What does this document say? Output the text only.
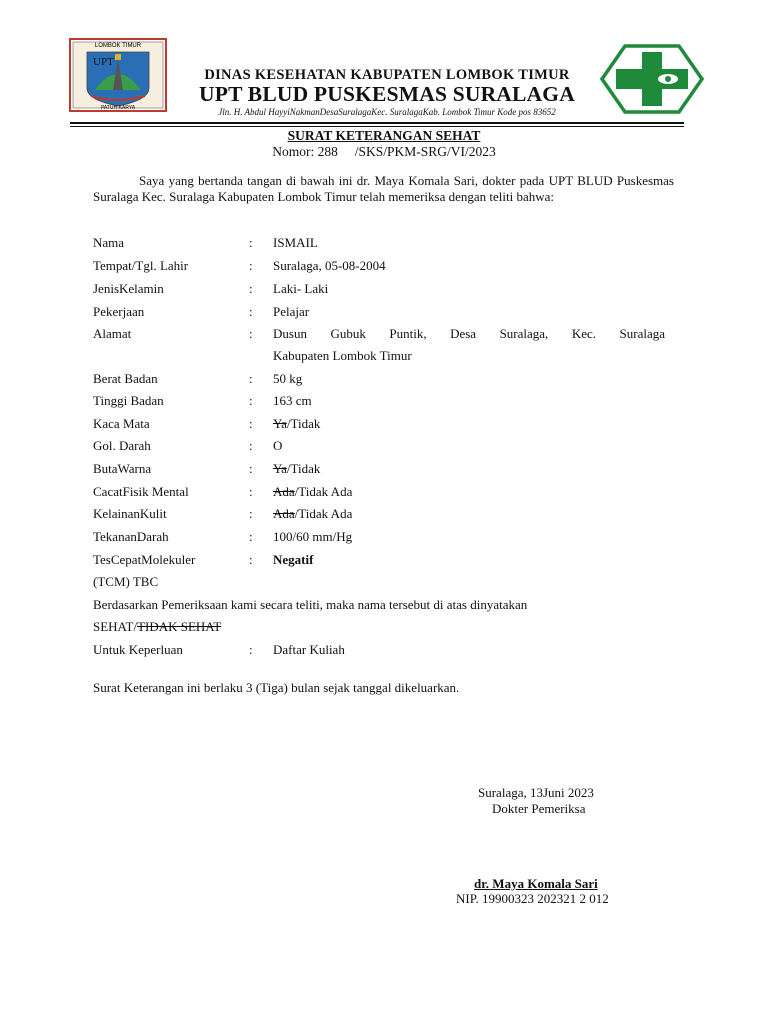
LOMBOK TIMUR
PATUH KARYA
UPT
DINAS KESEHATAN KABUPATEN LOMBOK TIMUR
UPT BLUD PUSKESMAS SURALAGA
Jln. H. Abdul HayyiNakmanDesaSuralagaKec. SuralagaKab. Lombok Timur Kode pos 83652
SURAT KETERANGAN SEHAT
Nomor: 288     /SKS/PKM-SRG/VI/2023
Saya yang bertanda tangan di bawah ini dr. Maya Komala Sari, dokter pada UPT BLUD Puskesmas Suralaga Kec. Suralaga Kabupaten Lombok Timur telah memeriksa dengan teliti bahwa:
Nama	: ISMAIL
Tempat/Tgl. Lahir	: Suralaga, 05-08-2004
JenisKelamin	: Laki- Laki
Pekerjaan	: Pelajar
Alamat	: Dusun Gubuk Puntik, Desa Suralaga, Kec. Suralaga
Kabupaten Lombok Timur
Berat Badan	: 50 kg
Tinggi Badan	: 163 cm
Kaca Mata	: Ya/Tidak
Gol. Darah	: O
ButaWarna	: Ya/Tidak
CacatFisik Mental	: Ada/Tidak Ada
KelainanKulit	: Ada/Tidak Ada
TekananDarah	: 100/60 mm/Hg
TesCepatMolekuler	: Negatif
(TCM) TBC
Berdasarkan Pemeriksaan kami secara teliti, maka nama tersebut di atas dinyatakan
SEHAT/TIDAK SEHAT
Untuk Keperluan	: Daftar Kuliah
Surat Keterangan ini berlaku 3 (Tiga) bulan sejak tanggal dikeluarkan.
Suralaga, 13Juni 2023
Dokter Pemeriksa
dr. Maya Komala Sari
NIP. 19900323 202321 2 012
